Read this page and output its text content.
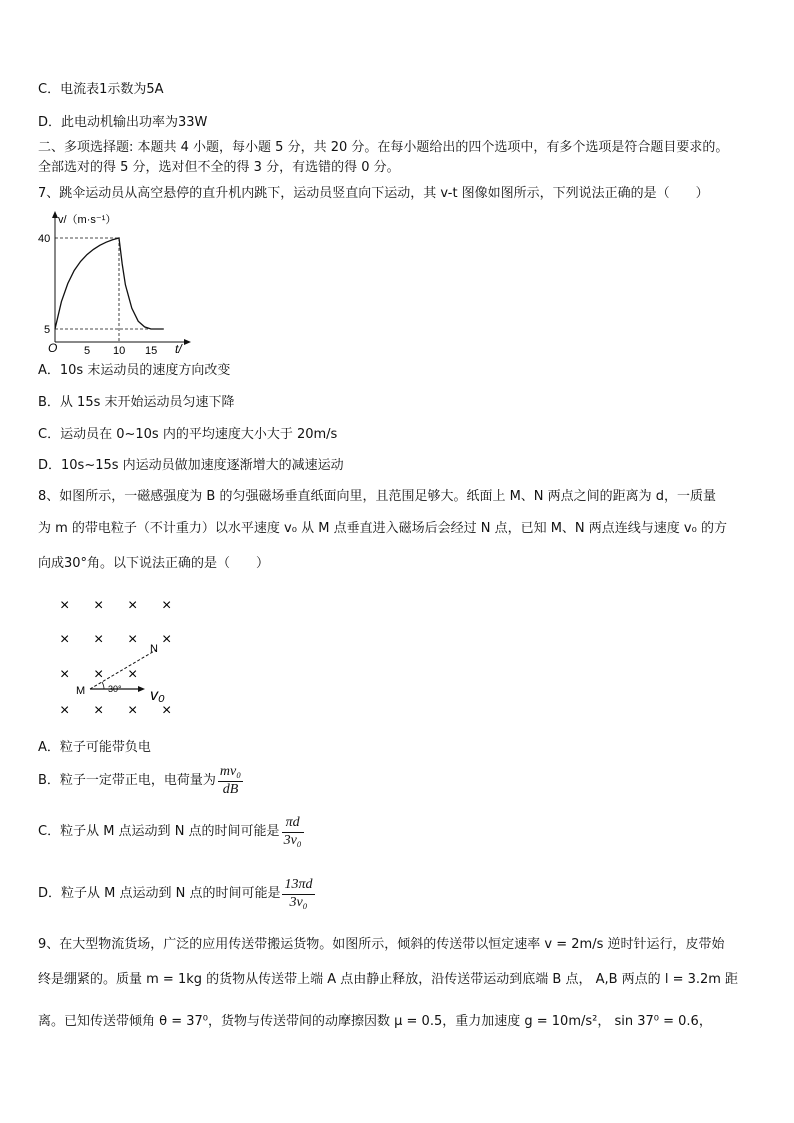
C．电流表1示数为5A
D．此电动机输出功率为33W
二、多项选择题: 本题共 4 小题，每小题 5 分，共 20 分。在每小题给出的四个选项中，有多个选项是符合题目要求的。
全部选对的得 5 分，选对但不全的得 3 分，有选错的得 0 分。
7、跳伞运动员从高空悬停的直升机内跳下，运动员竖直向下运动，其 v-t 图像如图所示，下列说法正确的是（　　）
v/（m·s⁻¹）
t/
O 5 10 15
5
40
A．10s 末运动员的速度方向改变
B．从 15s 末开始运动员匀速下降
C．运动员在 0~10s 内的平均速度大小大于 20m/s
D．10s~15s 内运动员做加速度逐渐增大的减速运动
8、如图所示，一磁感强度为 B 的匀强磁场垂直纸面向里，且范围足够大。纸面上 M、N 两点之间的距离为 d，一质量
为 m 的带电粒子（不计重力）以水平速度 v₀ 从 M 点垂直进入磁场后会经过 N 点，已知 M、N 两点连线与速度 v₀ 的方
向成30°角。以下说法正确的是（　　）
× × × ×
× × × ×
× × ×
× × × ×
N
M	30° v₀
A．粒子可能带负电
B．粒子一定带正电，电荷量为 $\frac{\text{mv₀}}{dB}$
C．粒子从 M 点运动到 N 点的时间可能是 $\frac{\pi d}{\text{3v₀}}$
D．粒子从 M 点运动到 N 点的时间可能是 $\frac{13\pi d}{\text{3v₀}}$
9、在大型物流货场，广泛的应用传送带搬运货物。如图所示，倾斜的传送带以恒定速率 v = 2m/s 逆时针运行，皮带始
终是绷紧的。质量 m = 1kg 的货物从传送带上端 A 点由静止释放，沿传送带运动到底端 B 点， A,B 两点的 l = 3.2m 距
离。已知传送带倾角 θ = 37⁰，货物与传送带间的动摩擦因数 μ = 0.5，重力加速度 g = 10m/s²， sin 37⁰ = 0.6，
